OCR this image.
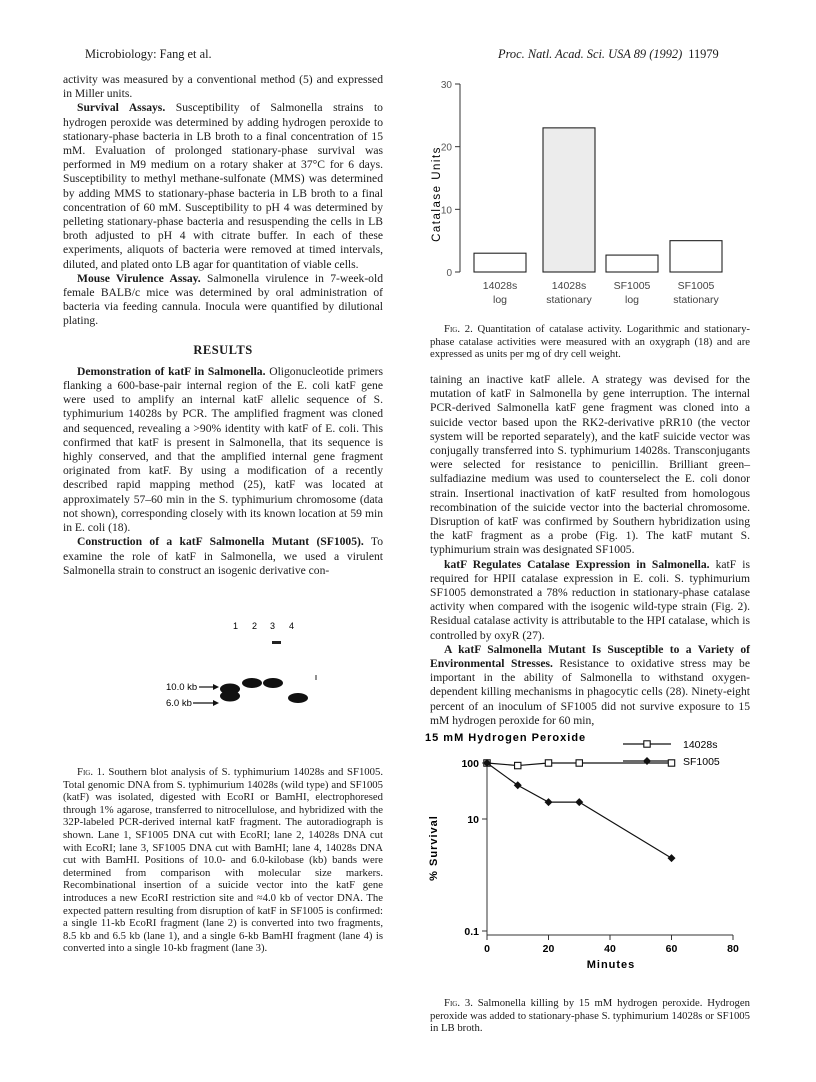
Microbiology: Fang et al.	Proc. Natl. Acad. Sci. USA 89 (1992) 11979

activity was measured by a conventional method (5) and expressed in Miller units.

Survival Assays. Susceptibility of Salmonella strains to hydrogen peroxide was determined by adding hydrogen peroxide to stationary-phase bacteria in LB broth to a final concentration of 15 mM. Evaluation of prolonged stationary-phase survival was performed in M9 medium on a rotary shaker at 37°C for 6 days. Susceptibility to methyl methane-sulfonate (MMS) was determined by adding MMS to stationary-phase bacteria in LB broth to a final concentration of 60 mM. Susceptibility to pH 4 was determined by pelleting stationary-phase bacteria and resuspending the cells in LB broth adjusted to pH 4 with citrate buffer. In each of these experiments, aliquots of bacteria were removed at timed intervals, diluted, and plated onto LB agar for quantitation of viable cells.

Mouse Virulence Assay. Salmonella virulence in 7-week-old female BALB/c mice was determined by oral administration of bacteria via feeding cannula. Inocula were quantified by dilutional plating.

RESULTS

Demonstration of katF in Salmonella. Oligonucleotide primers flanking a 600-base-pair internal region of the E. coli katF gene were used to amplify an internal katF allelic sequence of S. typhimurium 14028s by PCR. The amplified fragment was cloned and sequenced, revealing a >90% identity with katF of E. coli. This confirmed that katF is present in Salmonella, that its sequence is highly conserved, and that the amplified internal gene fragment originated from katF. By using a modification of a recently described rapid mapping method (25), katF was located at approximately 57–60 min in the S. typhimurium chromosome (data not shown), corresponding closely with its known location at 59 min in E. coli (18).

Construction of a katF Salmonella Mutant (SF1005). To examine the role of katF in Salmonella, we used a virulent Salmonella strain to construct an isogenic derivative con-

1 2 3 4
10.0 kb
6.0 kb

Fig. 1. Southern blot analysis of S. typhimurium 14028s and SF1005. Total genomic DNA from S. typhimurium 14028s (wild type) and SF1005 (katF) was isolated, digested with EcoRI or BamHI, electrophoresed through 1% agarose, transferred to nitrocellulose, and hybridized with the 32P-labeled PCR-derived internal katF fragment. The autoradiograph is shown. Lane 1, SF1005 DNA cut with EcoRI; lane 2, 14028s DNA cut with EcoRI; lane 3, SF1005 DNA cut with BamHI; lane 4, 14028s DNA cut with BamHI. Positions of 10.0- and 6.0-kilobase (kb) bands were determined from comparison with molecular size markers. Recombinational insertion of a suicide vector into the katF gene introduces a new EcoRI restriction site and ≈4.0 kb of vector DNA. The expected pattern resulting from disruption of katF in SF1005 is confirmed: a single 11-kb EcoRI fragment (lane 2) is converted into two fragments, 8.5 kb and 6.5 kb (lane 1), and a single 6-kb BamHI fragment (lane 4) is converted into a single 10-kb fragment (lane 3).

30
20
10
0
Catalase Units
14028s
log
14028s
stationary
SF1005
log
SF1005
stationary

Fig. 2. Quantitation of catalase activity. Logarithmic and stationary-phase catalase activities were measured with an oxygraph (18) and are expressed as units per mg of dry cell weight.

taining an inactive katF allele. A strategy was devised for the mutation of katF in Salmonella by gene interruption. The internal PCR-derived Salmonella katF gene fragment was cloned into a suicide vector based upon the RK2-derivative pRR10 (the vector system will be reported separately), and the katF suicide vector was conjugally transferred into S. typhimurium 14028s. Transconjugants were selected for resistance to penicillin. Brilliant green–sulfadiazine medium was used to counterselect the E. coli donor strain. Insertional inactivation of katF resulted from homologous recombination of the suicide vector into the bacterial chromosome. Disruption of katF was confirmed by Southern hybridization using the katF fragment as a probe (Fig. 1). The katF mutant S. typhimurium strain was designated SF1005.

katF Regulates Catalase Expression in Salmonella. katF is required for HPII catalase expression in E. coli. S. typhimurium SF1005 demonstrated a 78% reduction in stationary-phase catalase activity when compared with the isogenic wild-type strain (Fig. 2). Residual catalase activity is attributable to the HPI catalase, which is controlled by oxyR (27).

A katF Salmonella Mutant Is Susceptible to a Variety of Environmental Stresses. Resistance to oxidative stress may be important in the ability of Salmonella to withstand oxygen-dependent killing mechanisms in phagocytic cells (28). Ninety-eight percent of an inoculum of SF1005 did not survive exposure to 15 mM hydrogen peroxide for 60 min,

15 mM Hydrogen Peroxide
14028s
SF1005
100
10
0.1
0	20	40	60	80
% Survival
Minutes

Fig. 3. Salmonella killing by 15 mM hydrogen peroxide. Hydrogen peroxide was added to stationary-phase S. typhimurium 14028s or SF1005 in LB broth.
